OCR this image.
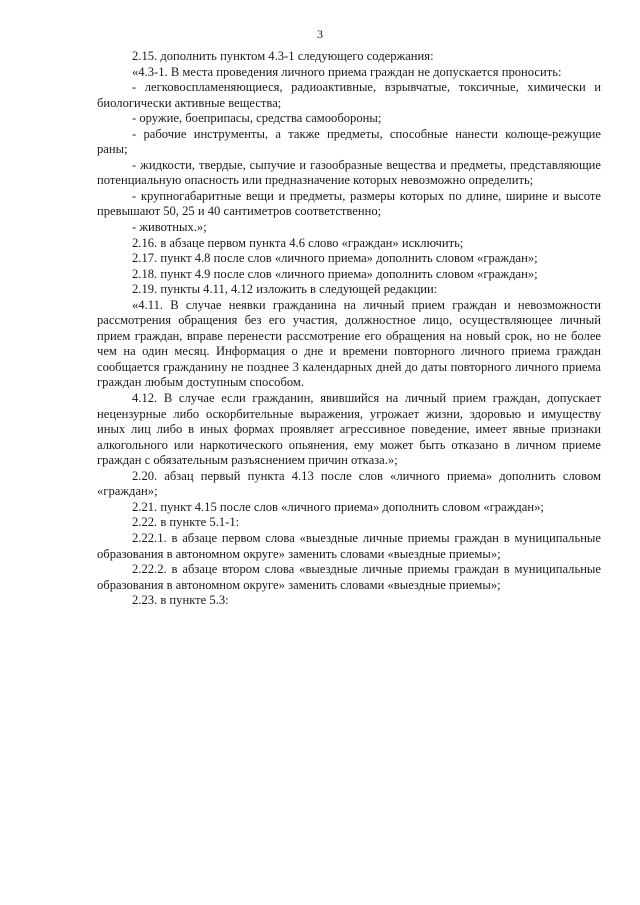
3

2.15. дополнить пунктом 4.3-1 следующего содержания:

«4.3-1. В места проведения личного приема граждан не допускается проносить:

- легковоспламеняющиеся, радиоактивные, взрывчатые, токсичные, химически и биологически активные вещества;

- оружие, боеприпасы, средства самообороны;

- рабочие инструменты, а также предметы, способные нанести колюще-режущие раны;

- жидкости, твердые, сыпучие и газообразные вещества и предметы, представляющие потенциальную опасность или предназначение которых невозможно определить;

- крупногабаритные вещи и предметы, размеры которых по длине, ширине и высоте превышают 50, 25 и 40 сантиметров соответственно;

- животных.»;

2.16. в абзаце первом пункта 4.6 слово «граждан» исключить;

2.17. пункт 4.8 после слов «личного приема» дополнить словом «граждан»;

2.18. пункт 4.9 после слов «личного приема» дополнить словом «граждан»;

2.19. пункты 4.11, 4.12 изложить в следующей редакции:

«4.11. В случае неявки гражданина на личный прием граждан и невозможности рассмотрения обращения без его участия, должностное лицо, осуществляющее личный прием граждан, вправе перенести рассмотрение его обращения на новый срок, но не более чем на один месяц. Информация о дне и времени повторного личного приема граждан сообщается гражданину не позднее 3 календарных дней до даты повторного личного приема граждан любым доступным способом.

4.12. В случае если гражданин, явившийся на личный прием граждан, допускает нецензурные либо оскорбительные выражения, угрожает жизни, здоровью и имуществу иных лиц либо в иных формах проявляет агрессивное поведение, имеет явные признаки алкогольного или наркотического опьянения, ему может быть отказано в личном приеме граждан с обязательным разъяснением причин отказа.»;

2.20. абзац первый пункта 4.13 после слов «личного приема» дополнить словом «граждан»;

2.21. пункт 4.15 после слов «личного приема» дополнить словом «граждан»;

2.22. в пункте 5.1-1:

2.22.1. в абзаце первом слова «выездные личные приемы граждан в муниципальные образования в автономном округе» заменить словами «выездные приемы»;

2.22.2. в абзаце втором слова «выездные личные приемы граждан в муниципальные образования в автономном округе» заменить словами «выездные приемы»;

2.23. в пункте 5.3:
